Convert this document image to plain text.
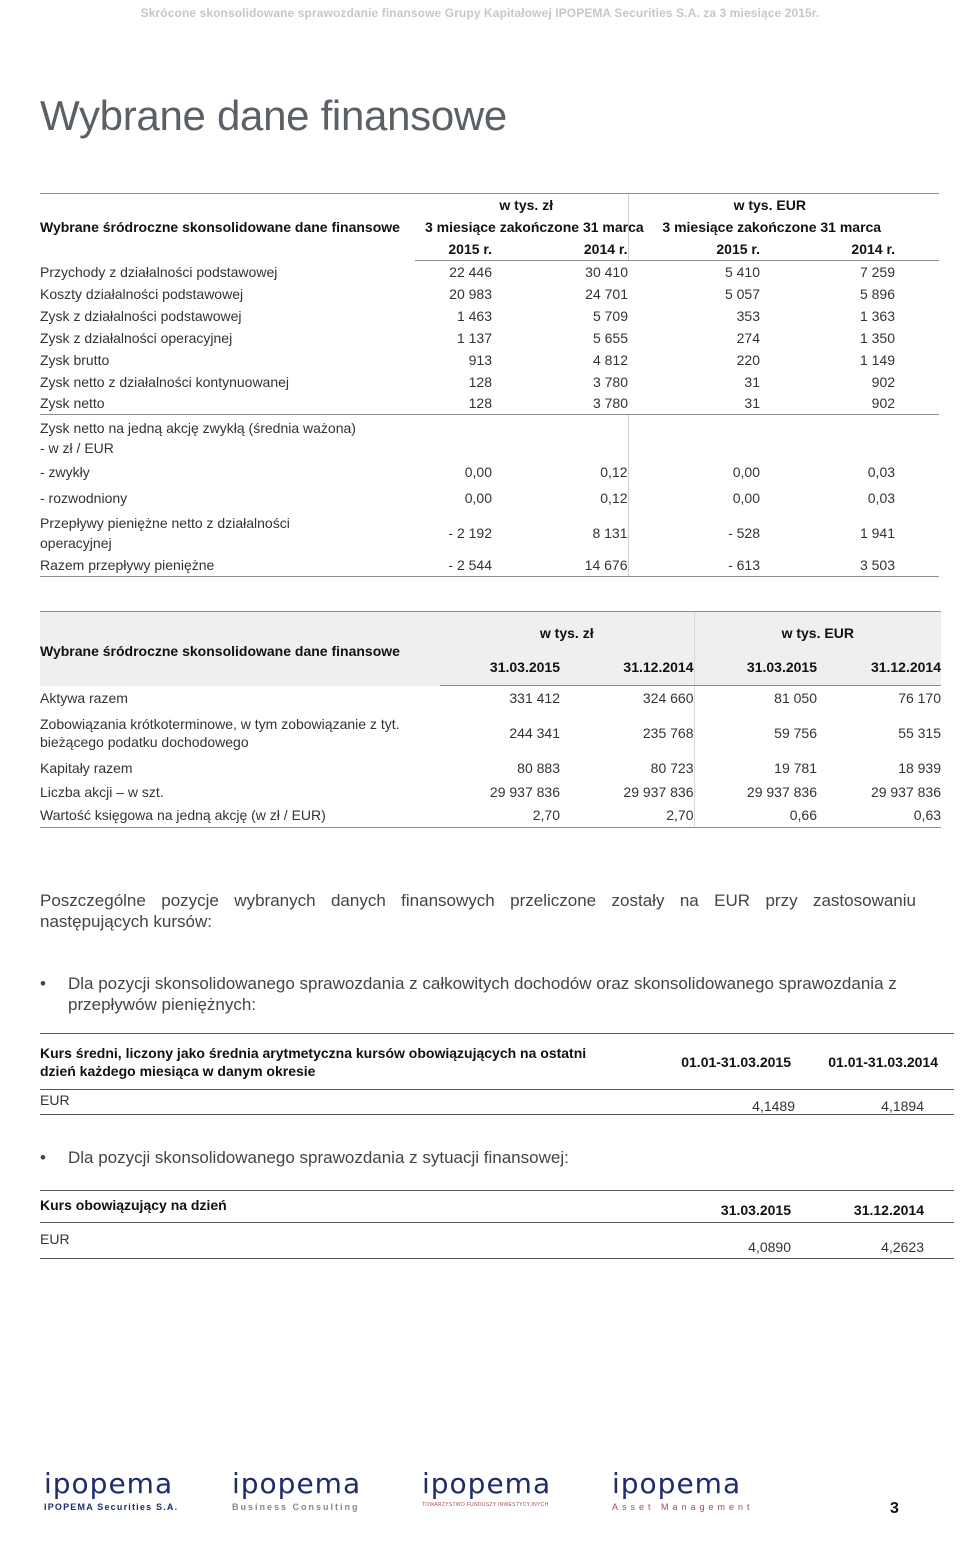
Skrócone skonsolidowane sprawozdanie finansowe Grupy Kapitałowej IPOPEMA Securities S.A. za 3 miesiące 2015r.
Wybrane dane finansowe
Wybrane śródroczne skonsolidowane dane finansowe	w tys. zł		w tys. EUR		
	3 miesiące zakończone 31 marca		3 miesiące zakończone 31 marca		
	2015 r.	2014 r.	2015 r.	2014 r.	
Przychody z działalności podstawowej	22 446	30 410	5 410	7 259	
Koszty działalności podstawowej	20 983	24 701	5 057	5 896	
Zysk z działalności podstawowej	1 463	5 709	353	1 363	
Zysk z działalności operacyjnej	1 137	5 655	274	1 350	
Zysk brutto	913	4 812	220	1 149	
Zysk netto z działalności kontynuowanej	128	3 780	31	902	
Zysk netto	128	3 780	31	902	
Zysk netto na jedną akcję zwykłą (średnia ważona)					
- w zł / EUR					
- zwykły	0,00	0,12	0,00	0,03	
- rozwodniony	0,00	0,12	0,00	0,03	
Przepływy pieniężne netto z działalności operacyjnej	- 2 192	8 131	- 528	1 941	
Razem przepływy pieniężne	- 2 544	14 676	- 613	3 503	
Wybrane śródroczne skonsolidowane dane finansowe	w tys. zł		w tys. EUR	
	31.03.2015	31.12.2014	31.03.2015	31.12.2014
Aktywa razem	331 412	324 660	81 050	76 170
Zobowiązania krótkoterminowe, w tym zobowiązanie z tyt. bieżącego podatku dochodowego	244 341	235 768	59 756	55 315
Kapitały razem	80 883	80 723	19 781	18 939
Liczba akcji – w szt.	29 937 836	29 937 836	29 937 836	29 937 836
Wartość księgowa na jedną akcję (w zł / EUR)	2,70	2,70	0,66	0,63

Poszczególne pozycje wybranych danych finansowych przeliczone zostały na EUR przy zastosowaniu następujących kursów:

•	Dla pozycji skonsolidowanego sprawozdania z całkowitych dochodów oraz skonsolidowanego sprawozdania z przepływów pieniężnych:
Kurs średni, liczony jako średnia arytmetyczna kursów obowiązujących na ostatni dzień każdego miesiąca w danym okresie	01.01-31.03.2015	01.01-31.03.2014
EUR	4,1489	4,1894
•	Dla pozycji skonsolidowanego sprawozdania z sytuacji finansowej:
Kurs obowiązujący na dzień	31.03.2015	31.12.2014
EUR	4,0890	4,2623
ipopema
IPOPEMA Securities S.A.
ipopema
Business Consulting
ipopema
TOWARZYSTWO FUNDUSZY INWESTYCYJNYCH
ipopema
Asset Management	3
